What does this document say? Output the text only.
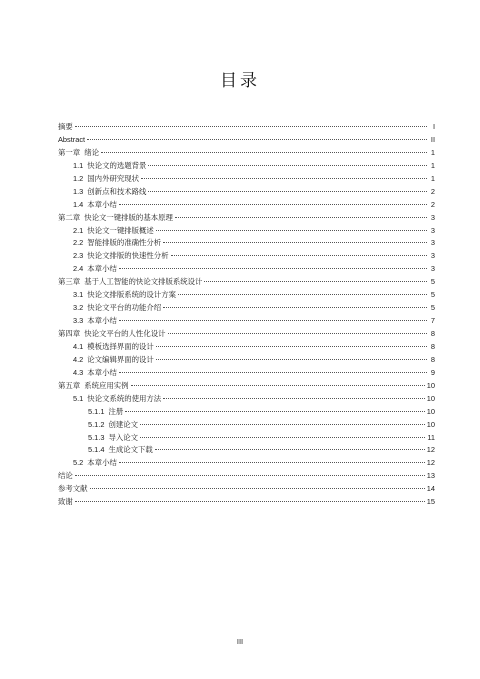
目录
摘要	I
Abstract	II
第一章 绪论	1
1.1 快论文的选题背景	1
1.2 国内外研究现状	1
1.3 创新点和技术路线	2
1.4 本章小结	2
第二章 快论文一键排版的基本原理	3
2.1 快论文一键排版概述	3
2.2 智能排版的准确性分析	3
2.3 快论文排版的快速性分析	3
2.4 本章小结	3
第三章 基于人工智能的快论文排版系统设计	5
3.1 快论文排版系统的设计方案	5
3.2 快论文平台的功能介绍	5
3.3 本章小结	7
第四章 快论文平台的人性化设计	8
4.1 模板选择界面的设计	8
4.2 论文编辑界面的设计	8
4.3 本章小结	9
第五章 系统应用实例	10
5.1 快论文系统的使用方法	10
5.1.1 注册	10
5.1.2 创建论文	10
5.1.3 导入论文	11
5.1.4 生成论文下载	12
5.2 本章小结	12
结论	13
参考文献	14
致谢	15
III
